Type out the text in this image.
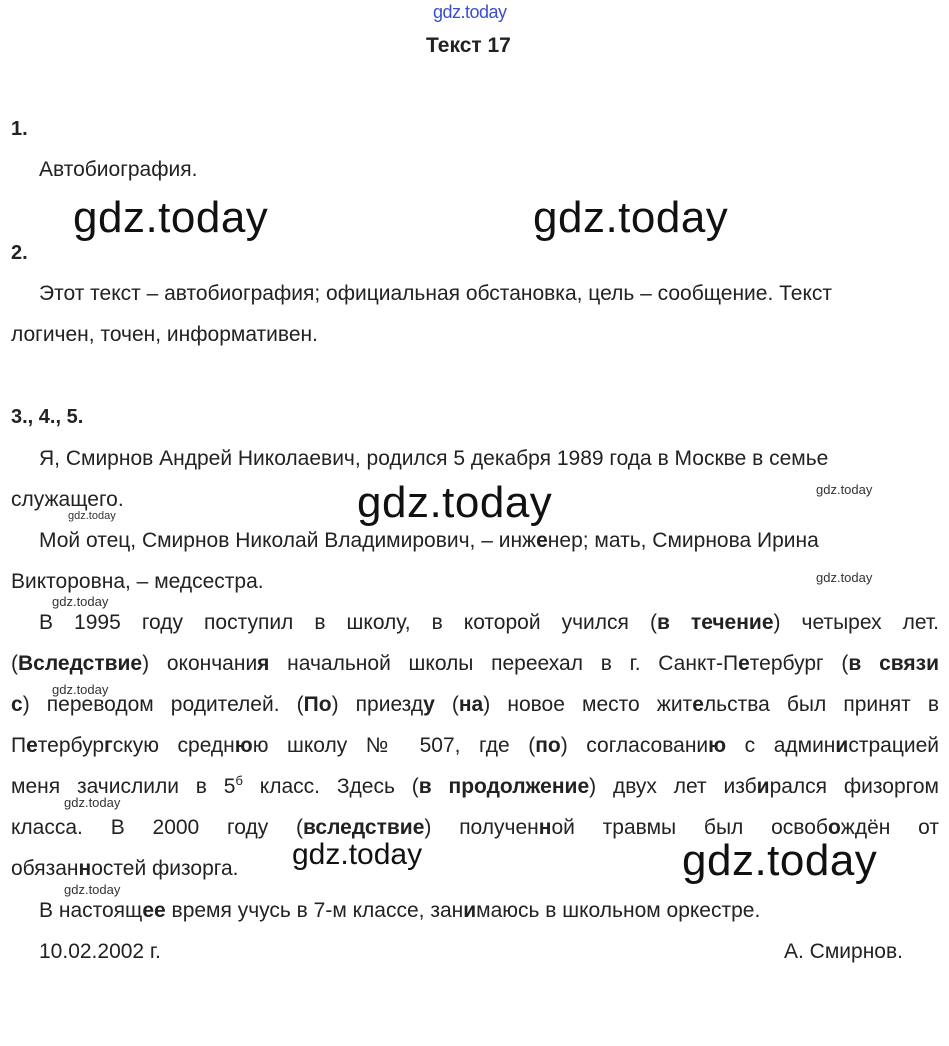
gdz.today
Текст 17
1.
Автобиография.
gdz.today	gdz.today
2.
Этот текст – автобиография; официальная обстановка, цель – сообщение. Текст
логичен, точен, информативен.
3., 4., 5.
Я, Смирнов Андрей Николаевич, родился 5 декабря 1989 года в Москве в семье
служащего.
gdz.today	gdz.today	gdz.today
Мой отец, Смирнов Николай Владимирович, – инженер; мать, Смирнова Ирина
Викторовна, – медсестра.	gdz.today
gdz.today
В 1995 году поступил в школу, в которой учился (в течение) четырех лет.
(Вследствие) окончания начальной школы переехал в г. Санкт-Петербург (в связи
gdz.today
с) переводом родителей. (По) приезду (на) новое место жительства был принят в
Петербургскую среднюю школу № 507, где (по) согласованию с администрацией
меня зачислили в $5^б$ класс. Здесь (в продолжение) двух лет избирался физоргом
gdz.today
класса. В 2000 году (вследствие) полученной травмы был освобождён от
обязанностей физорга. gdz.today	gdz.today
gdz.today
В настоящее время учусь в 7-м классе, занимаюсь в школьном оркестре.
10.02.2002 г.	А. Смирнов.
